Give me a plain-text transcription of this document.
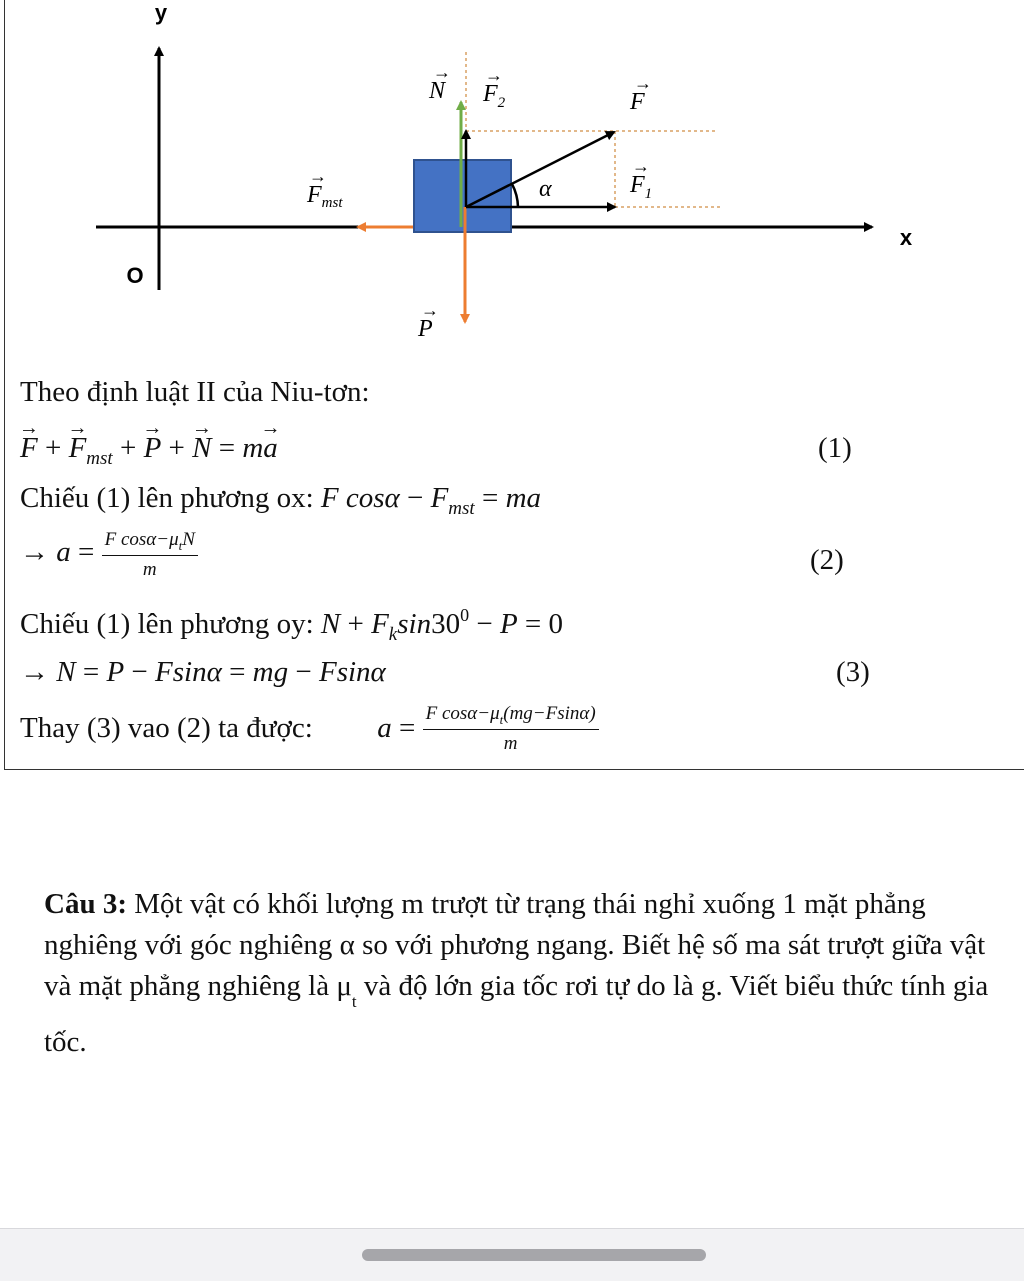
y
x
O
N
→
$F_2$
→
F
→
$F_{mst}$
→	α	$F_1$
→
P
→
Theo định luật II của Niu-tơn:
→ F + → $F_{mst}$ + → P + → N = m→ a	(1)
Chiếu (1) lên phương ox: F $\cos\alpha - F_{mst}$ = ma
→ $a = \frac{F \cos\alpha-\mu_tN}{m}$	(2)
Chiếu (1) lên phương oy: $N + F_k\sin 30^0 - P = 0$
→ N = P − Fsinα = mg − Fsinα	(3)
Thay (3) vao (2) ta được: $a = \frac{F \cos\alpha-\mu_t(mg-Fsin\alpha)}{m}$
Câu 3: Một vật có khối lượng m trượt từ trạng thái nghỉ xuống 1 mặt phẳng nghiêng với góc nghiêng α so với phương ngang. Biết hệ số ma sát trượt giữa vật và mặt phẳng nghiêng là $\mu_t$ và độ lớn gia tốc rơi tự do là g. Viết biểu thức tính gia tốc.
